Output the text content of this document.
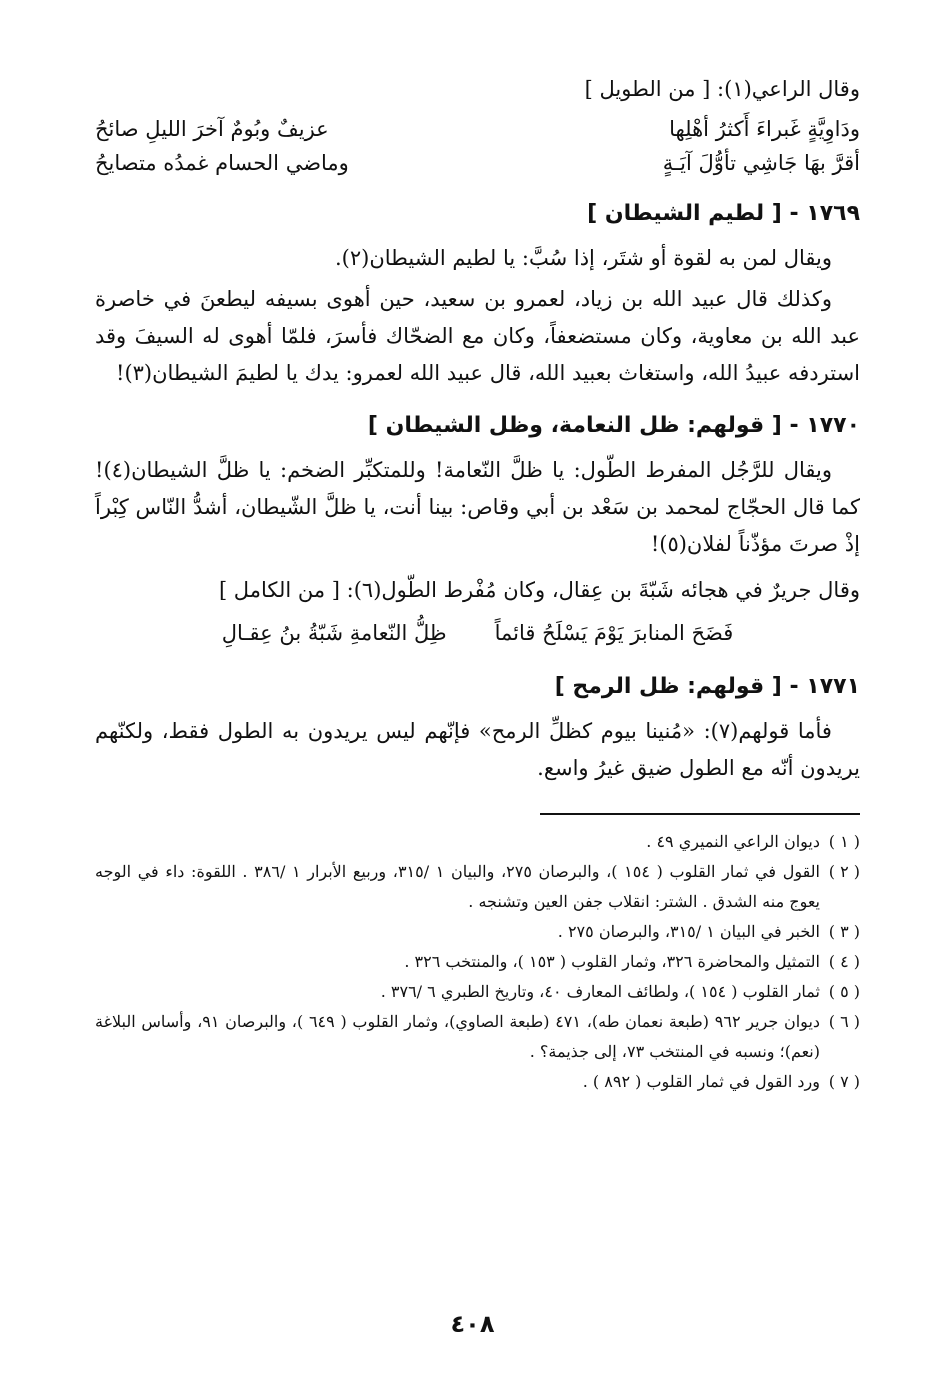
وقال الراعي(١): [ من الطويل ]

ودَاوِيَّةٍ غَبراءَ أَكثرُ أهْلِها
عزيفٌ وبُومٌ آخرَ الليلِ صائحُ
أقرَّ بهَا جَاشِي تأوُّلَ آيَـةٍ
وماضي الحسام غمدُه متصايحُ
١٧٦٩ - [ لطيم الشيطان ]

ويقال لمن به لقوة أو شتَر، إذا سُبَّ: يا لطيم الشيطان(٢).

وكذلك قال عبيد الله بن زياد، لعمرو بن سعيد، حين أهوى بسيفه ليطعنَ في خاصرة عبد الله بن معاوية، وكان مستضعفاً، وكان مع الضحّاك فأسرَ، فلمّا أهوى له السيفَ وقد استردفه عبيدُ الله، واستغاث بعبيد الله، قال عبيد الله لعمرو: يدك يا لطيمَ الشيطان(٣)!

١٧٧٠ - [ قولهم: ظل النعامة، وظل الشيطان ]

ويقال للرَّجُل المفرط الطّول: يا ظلَّ النّعامة! وللمتكبِّر الضخم: يا ظلَّ الشيطان(٤)! كما قال الحجّاج لمحمد بن سَعْد بن أبي وقاص: بينا أنت، يا ظلَّ الشّيطان، أشدُّ النّاس كِبْراً إذْ صرتَ مؤذّناً لفلان(٥)!

وقال جريرٌ في هجائه شَبّةَ بن عِقال، وكان مُفْرط الطّول(٦): [ من الكامل ]

فَضَحَ المنابرَ يَوْمَ يَسْلَحُ قائماً
ظِلُّ النّعامةِ شَبّةُ بنُ عِقـالِ
١٧٧١ - [ قولهم: ظل الرمح ]

فأما قولهم(٧): «مُنينا بيوم كظلِّ الرمح» فإنّهم ليس يريدون به الطول فقط، ولكنّهم يريدون أنّه مع الطول ضيق غيرُ واسع.

( ١ )
ديوان الراعي النميري ٤٩ .
( ٢ )
القول في ثمار القلوب ( ١٥٤ )، والبرصان ٢٧٥، والبيان ١ /٣١٥، وربيع الأبرار ١ /٣٨٦ . اللقوة: داء في الوجه يعوج منه الشدق . الشتر: انقلاب جفن العين وتشنجه .
( ٣ )
الخبر في البيان ١ /٣١٥، والبرصان ٢٧٥ .
( ٤ )
التمثيل والمحاضرة ٣٢٦، وثمار القلوب ( ١٥٣ )، والمنتخب ٣٢٦ .
( ٥ )
ثمار القلوب ( ١٥٤ )، ولطائف المعارف ٤٠، وتاريخ الطبري ٦ /٣٧٦ .
( ٦ )
ديوان جرير ٩٦٢ (طبعة نعمان طه)، ٤٧١ (طبعة الصاوي)، وثمار القلوب ( ٦٤٩ )، والبرصان ٩١، وأساس البلاغة (نعم)؛ ونسبه في المنتخب ٧٣، إلى جذيمة؟ .
( ٧ )
ورد القول في ثمار القلوب ( ٨٩٢ ) .
٤٠٨
